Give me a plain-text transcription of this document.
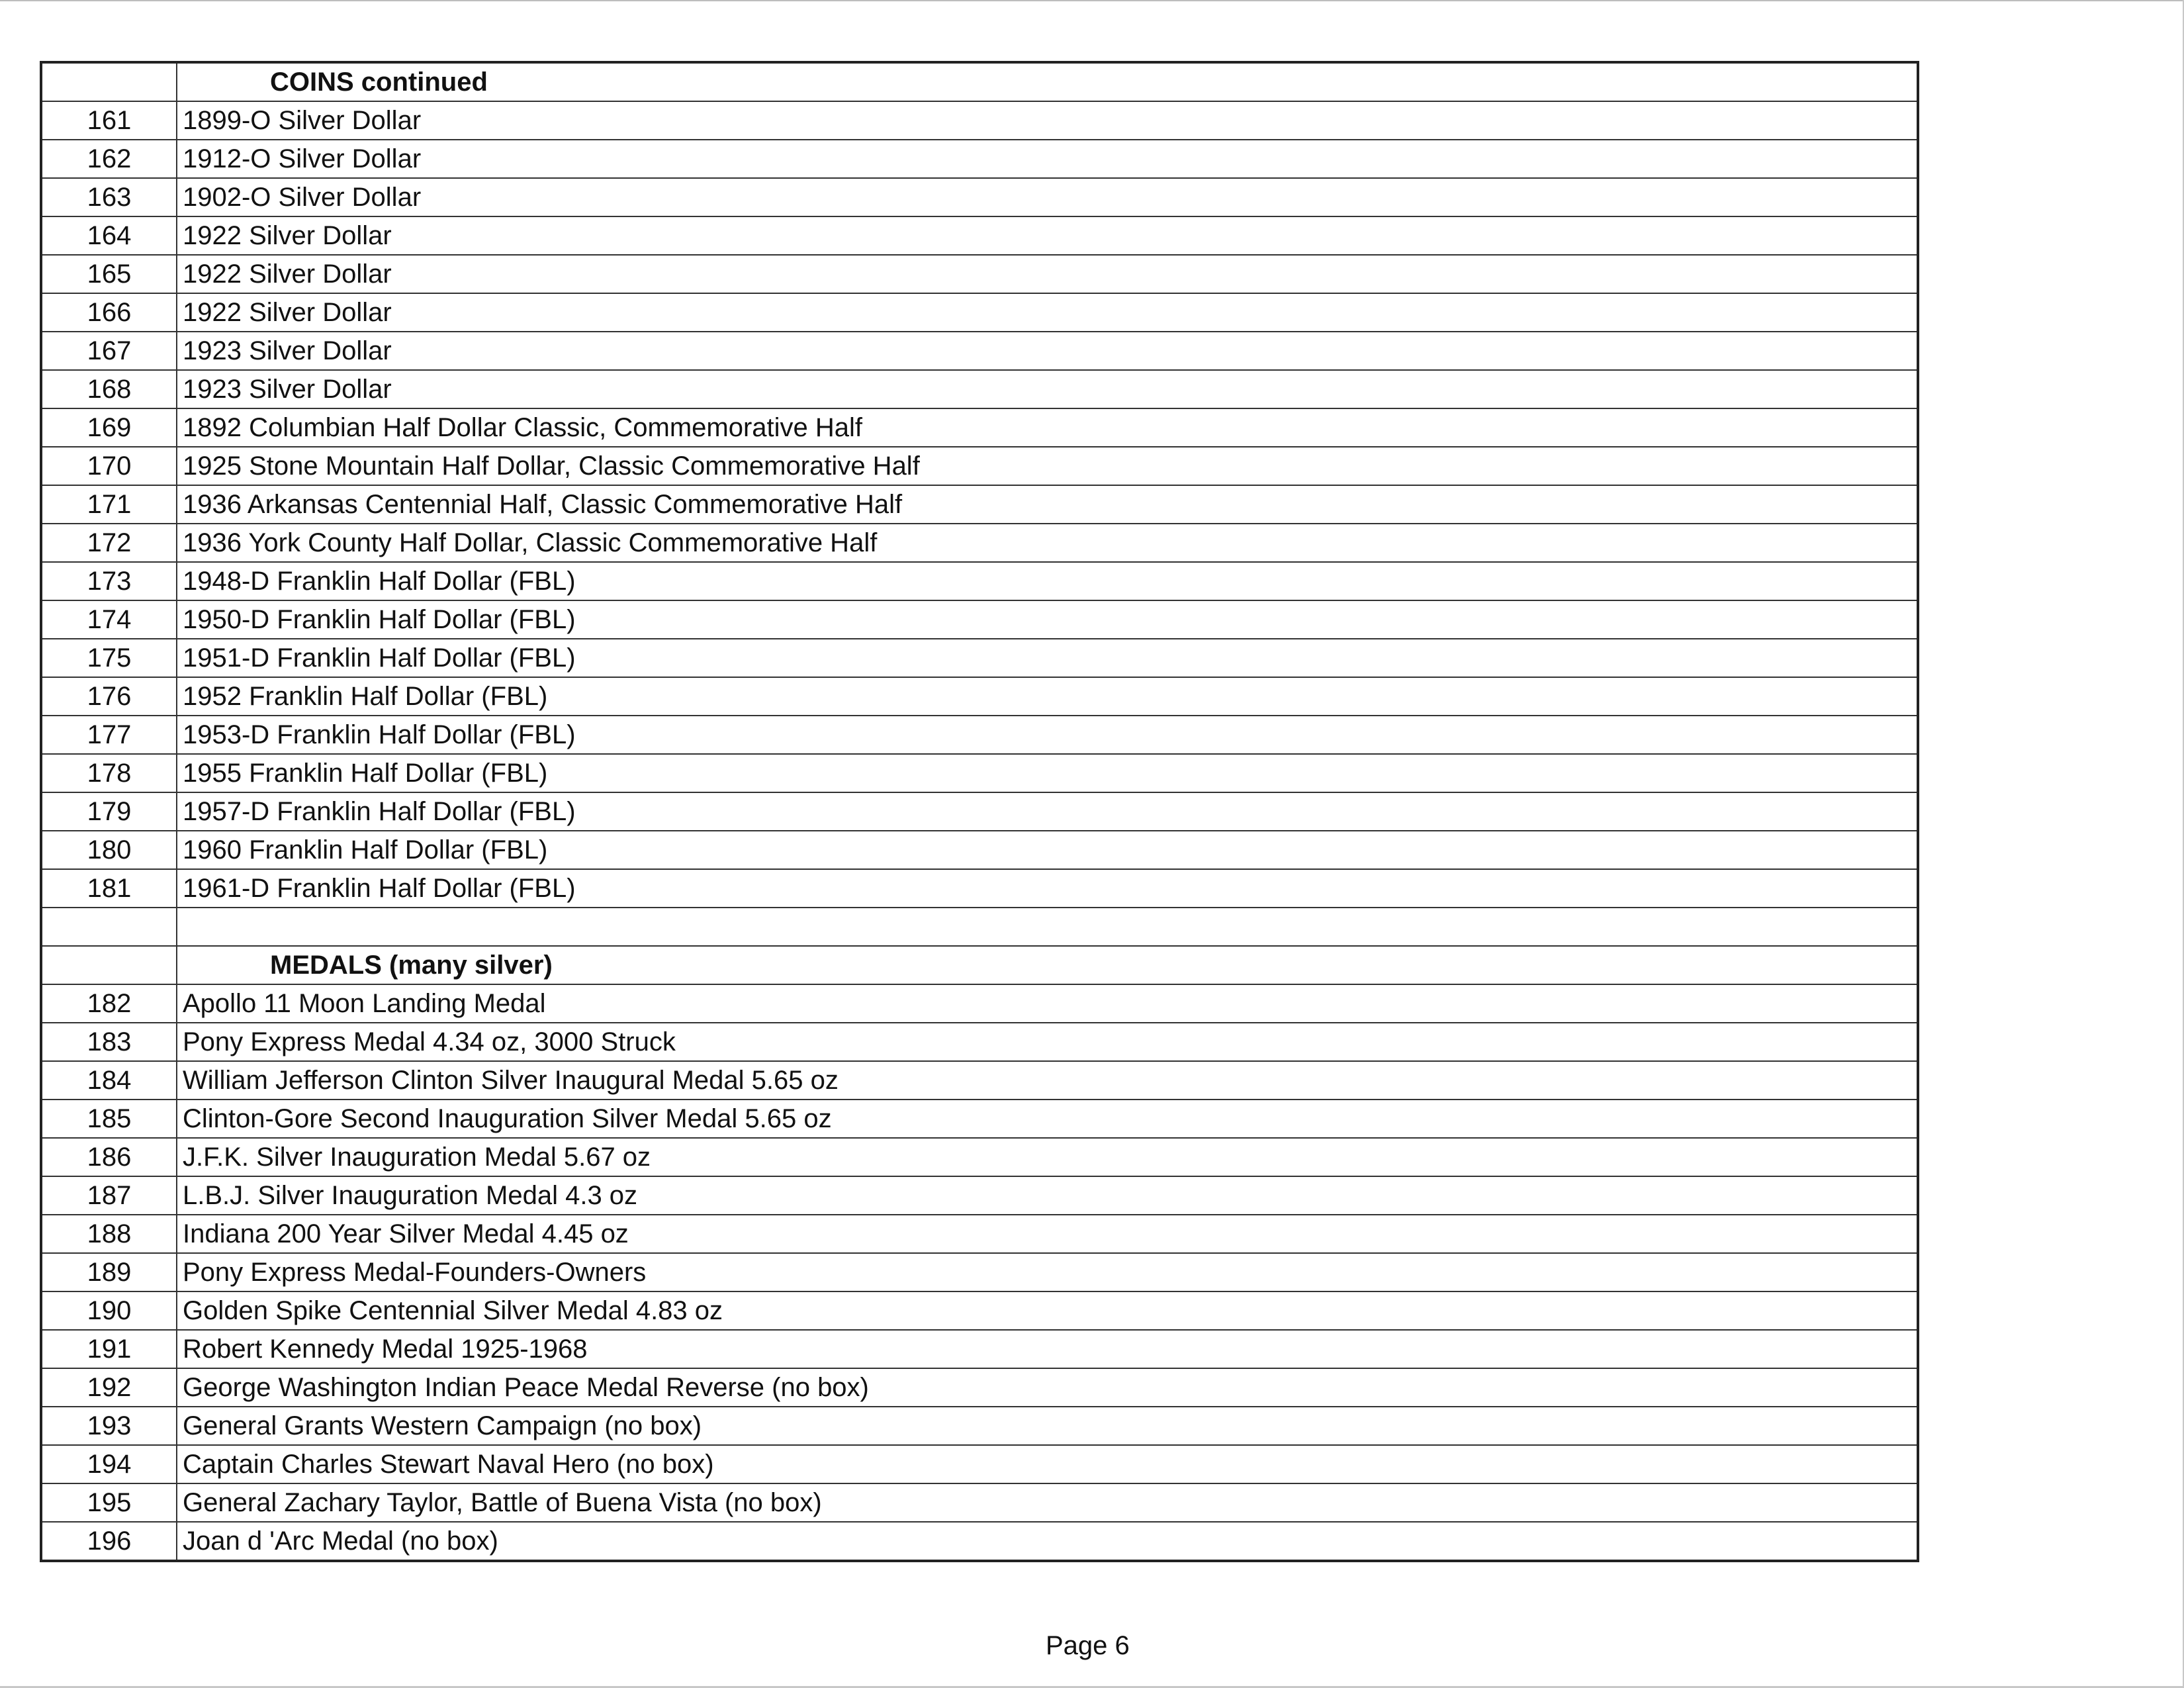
	COINS continued
161	1899-O Silver Dollar
162	1912-O Silver Dollar
163	1902-O Silver Dollar
164	1922 Silver Dollar
165	1922 Silver Dollar
166	1922 Silver Dollar
167	1923 Silver Dollar
168	1923 Silver Dollar
169	1892 Columbian Half Dollar Classic, Commemorative Half
170	1925 Stone Mountain Half Dollar, Classic Commemorative Half
171	1936 Arkansas Centennial Half, Classic Commemorative Half
172	1936 York County Half Dollar, Classic Commemorative Half
173	1948-D Franklin Half Dollar (FBL)
174	1950-D Franklin Half Dollar (FBL)
175	1951-D Franklin Half Dollar (FBL)
176	1952 Franklin Half Dollar (FBL)
177	1953-D Franklin Half Dollar (FBL)
178	1955 Franklin Half Dollar (FBL)
179	1957-D Franklin Half Dollar (FBL)
180	1960 Franklin Half Dollar (FBL)
181	1961-D Franklin Half Dollar (FBL)

	MEDALS (many silver)
182	Apollo 11 Moon Landing Medal
183	Pony Express Medal 4.34 oz, 3000 Struck
184	William Jefferson Clinton Silver Inaugural Medal 5.65 oz
185	Clinton-Gore Second Inauguration Silver Medal 5.65 oz
186	J.F.K. Silver Inauguration Medal 5.67 oz
187	L.B.J. Silver Inauguration Medal 4.3 oz
188	Indiana 200 Year Silver Medal 4.45 oz
189	Pony Express Medal-Founders-Owners
190	Golden Spike Centennial Silver Medal 4.83 oz
191	Robert Kennedy Medal 1925-1968
192	George Washington Indian Peace Medal Reverse (no box)
193	General Grants Western Campaign (no box)
194	Captain Charles Stewart Naval Hero (no box)
195	General Zachary Taylor, Battle of Buena Vista (no box)
196	Joan d 'Arc Medal (no box)
Page 6
